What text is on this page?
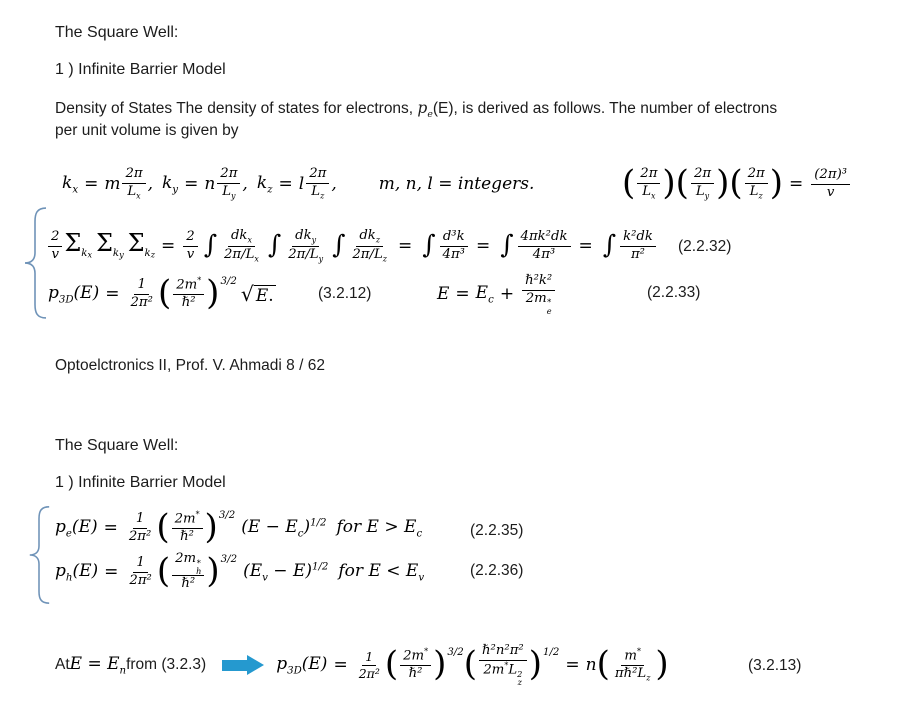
The Square Well:
1 ) Infinite Barrier Model
Density of States The density of states for electrons, $p_e(E)$, is derived as follows. The number of electrons
per unit volume is given by
$k_x = m$
2π
$L_x$
, $k_y = n$
2π
$L_y$
, $k_z = l$
2π
$L_z$
, m, n, l = integers.	( 2π
$L_x$ ) ( 2π
$L_y$ ) ( 2π
$L_z$ ) = $\frac{\text{(2π)³}}{v}$
2
v $\Sigma_{kx}$ $\Sigma_{ky}$ $\Sigma_{kz} = \frac{2}{v}$ ∫ $dk_x$
$2\pi/L_x$ ∫ $dk_y$
$2\pi/L_y$ ∫ $dk_z$
$2\pi/L_z$
= ∫ $\frac{\text{d³k}}{\text{4π³}}$ = ∫ $\frac{\text{4πk²dk}}{\text{4π³}}$ = ∫ k²dk
π² (2.2.32)
$p_{3D}(E) = \frac{1}{\text{2π²}}$ ( 2m*
ℏ² ) $^{3/2}$
√ E.	(3.2.12)	$E = E_c$ +
ℏ²k²
2m *
e
(2.2.33)
Optoelctronics II, Prof. V. Ahmadi 8 / 62
The Square Well:
1 ) Infinite Barrier Model
$p_e(E) = \frac{1}{\text{2π²}}$ ( 2m*
ℏ² ) $^{3/2}$
$(E - E_c)^{1/2}$ for $E > E_c$	(2.2.35)
$p_h(E) = \frac{1}{\text{2π²}}$ ( 2m *
h
ℏ² ) $^{3/2}$
$(E_v - E)^{1/2}$ for $E < E_v$	(2.2.36)
At $E = E_n$ from (3.2.3)	$p_{3D}(E) = \frac{1}{\text{2π²}}$ ( 2m*
ℏ² ) $^{3/2}$ ( ℏ²n²π²
2m*L 2
z ) $^{1/2}$
= n ( m*
$\pi\hbar^2L_z$ )	(3.2.13)
